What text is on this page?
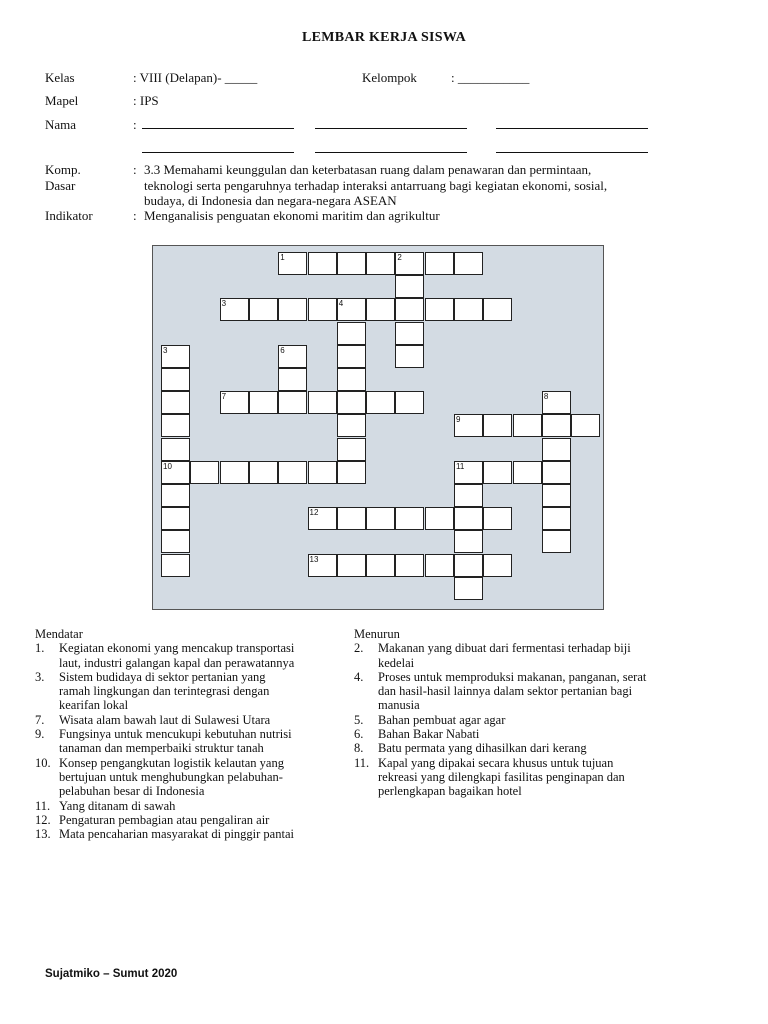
LEMBAR KERJA SISWA
Kelas	: VIII (Delapan)- _____	Kelompok	: ___________
Mapel	: IPS
Nama	:
Komp.
Dasar
: 3.3 Memahami keunggulan dan keterbatasan ruang dalam penawaran dan permintaan,
teknologi serta pengaruhnya terhadap interaksi antarruang bagi kegiatan ekonomi, sosial,
budaya, di Indonesia dan negara-negara ASEAN
Indikator	: Menganalisis penguatan ekonomi maritim dan agrikultur
1	2
3	4
3	6
7	8
9
10	11
12
13
Mendatar
1. Kegiatan ekonomi yang mencakup transportasi
laut, industri galangan kapal dan perawatannya
3. Sistem budidaya di sektor pertanian yang
ramah lingkungan dan terintegrasi dengan
kearifan lokal
7. Wisata alam bawah laut di Sulawesi Utara
9. Fungsinya untuk mencukupi kebutuhan nutrisi
tanaman dan memperbaiki struktur tanah
10. Konsep pengangkutan logistik kelautan yang
bertujuan untuk menghubungkan pelabuhan-
pelabuhan besar di Indonesia
11. Yang ditanam di sawah
12. Pengaturan pembagian atau pengaliran air
13. Mata pencaharian masyarakat di pinggir pantai
Menurun
2. Makanan yang dibuat dari fermentasi terhadap biji
kedelai
4. Proses untuk memproduksi makanan, panganan, serat
dan hasil-hasil lainnya dalam sektor pertanian bagi
manusia
5. Bahan pembuat agar agar
6. Bahan Bakar Nabati
8. Batu permata yang dihasilkan dari kerang
11. Kapal yang dipakai secara khusus untuk tujuan
rekreasi yang dilengkapi fasilitas penginapan dan
perlengkapan bagaikan hotel
Sujatmiko – Sumut 2020
